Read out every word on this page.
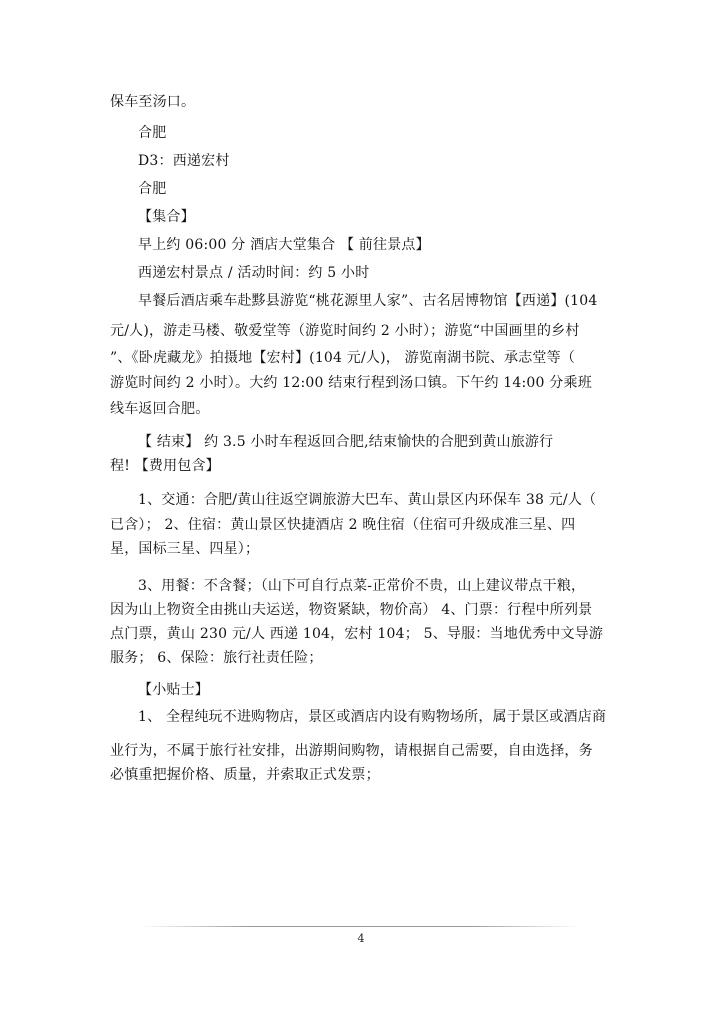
保车至汤口。
合肥
D3：西递宏村
合肥
【集合】
早上约 06:00 分 酒店大堂集合 【 前往景点】
西递宏村景点 / 活动时间：约 5 小时
早餐后酒店乘车赴黟县游览“桃花源里人家”、古名居博物馆【西递】(104
元/人)，游走马楼、敬爱堂等（游览时间约 2 小时）；游览“中国画里的乡村
”、《卧虎藏龙》拍摄地【宏村】(104 元/人)， 游览南湖书院、承志堂等（
游览时间约 2 小时）。大约 12:00 结束行程到汤口镇。下午约 14:00 分乘班
线车返回合肥。
【 结束】 约 3.5 小时车程返回合肥,结束愉快的合肥到黄山旅游行
程! 【费用包含】
1、交通：合肥/黄山往返空调旅游大巴车、黄山景区内环保车 38 元/人（
已含）； 2、住宿：黄山景区快捷酒店 2 晚住宿（住宿可升级成准三星、四
星，国标三星、四星）；
3、用餐：不含餐；（山下可自行点菜-正常价不贵，山上建议带点干粮，
因为山上物资全由挑山夫运送，物资紧缺，物价高） 4、门票：行程中所列景
点门票，黄山 230 元/人 西递 104，宏村 104； 5、导服：当地优秀中文导游
服务； 6、保险：旅行社责任险；
【小贴士】
1、 全程纯玩不进购物店，景区或酒店内设有购物场所，属于景区或酒店商
业行为，不属于旅行社安排，出游期间购物，请根据自己需要，自由选择，务
必慎重把握价格、质量，并索取正式发票；
4
